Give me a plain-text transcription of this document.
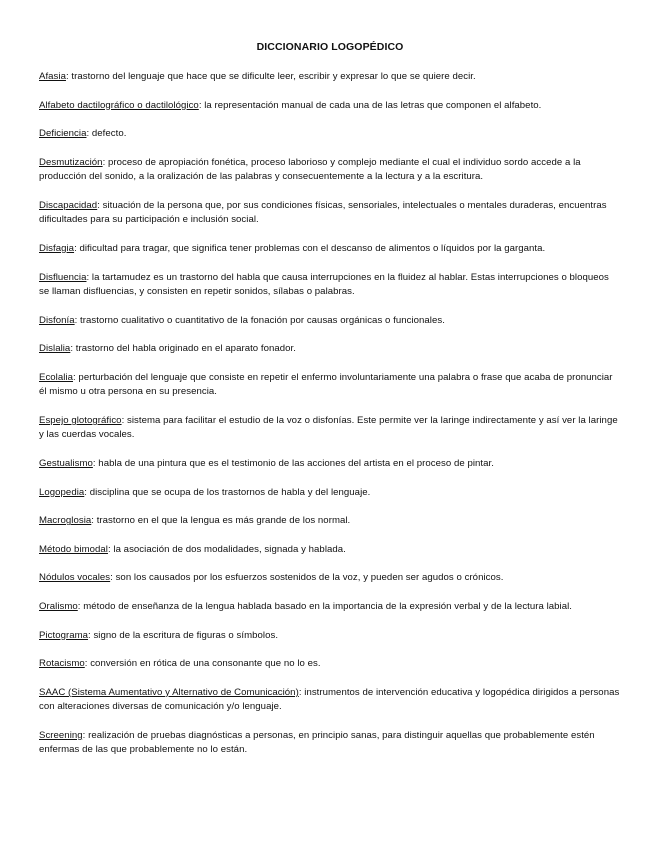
DICCIONARIO LOGOPÉDICO

Afasia: trastorno del lenguaje que hace que se dificulte leer, escribir y expresar lo que se quiere decir.

Alfabeto dactilográfico o dactilológico: la representación manual de cada una de las letras que componen el alfabeto.

Deficiencia: defecto.

Desmutización: proceso de apropiación fonética, proceso laborioso y complejo mediante el cual el individuo sordo accede a la producción del sonido, a la oralización de las palabras y consecuentemente a la lectura y a la escritura.

Discapacidad: situación de la persona que, por sus condiciones físicas, sensoriales, intelectuales o mentales duraderas, encuentras dificultades para su participación e inclusión social.

Disfagia: dificultad para tragar, que significa tener problemas con el descanso de alimentos o líquidos por la garganta.

Disfluencia: la tartamudez es un trastorno del habla que causa interrupciones en la fluidez al hablar. Estas interrupciones o bloqueos se llaman disfluencias, y consisten en repetir sonidos, sílabas o palabras.

Disfonía: trastorno cualitativo o cuantitativo de la fonación por causas orgánicas o funcionales.

Dislalia: trastorno del habla originado en el aparato fonador.

Ecolalia: perturbación del lenguaje que consiste en repetir el enfermo involuntariamente una palabra o frase que acaba de pronunciar él mismo u otra persona en su presencia.

Espejo glotográfico: sistema para facilitar el estudio de la voz o disfonías. Este permite ver la laringe indirectamente y así ver la laringe y las cuerdas vocales.

Gestualismo: habla de una pintura que es el testimonio de las acciones del artista en el proceso de pintar.

Logopedia: disciplina que se ocupa de los trastornos de habla y del lenguaje.

Macroglosia: trastorno en el que la lengua es más grande de los normal.

Método bimodal: la asociación de dos modalidades, signada y hablada.

Nódulos vocales: son los causados por los esfuerzos sostenidos de la voz, y pueden ser agudos o crónicos.

Oralismo: método de enseñanza de la lengua hablada basado en la importancia de la expresión verbal y de la lectura labial.

Pictograma: signo de la escritura de figuras o símbolos.

Rotacismo: conversión en rótica de una consonante que no lo es.

SAAC (Sistema Aumentativo y Alternativo de Comunicación): instrumentos de intervención educativa y logopédica dirigidos a personas con alteraciones diversas de comunicación y/o lenguaje.

Screening: realización de pruebas diagnósticas a personas, en principio sanas, para distinguir aquellas que probablemente estén enfermas de las que probablemente no lo están.
